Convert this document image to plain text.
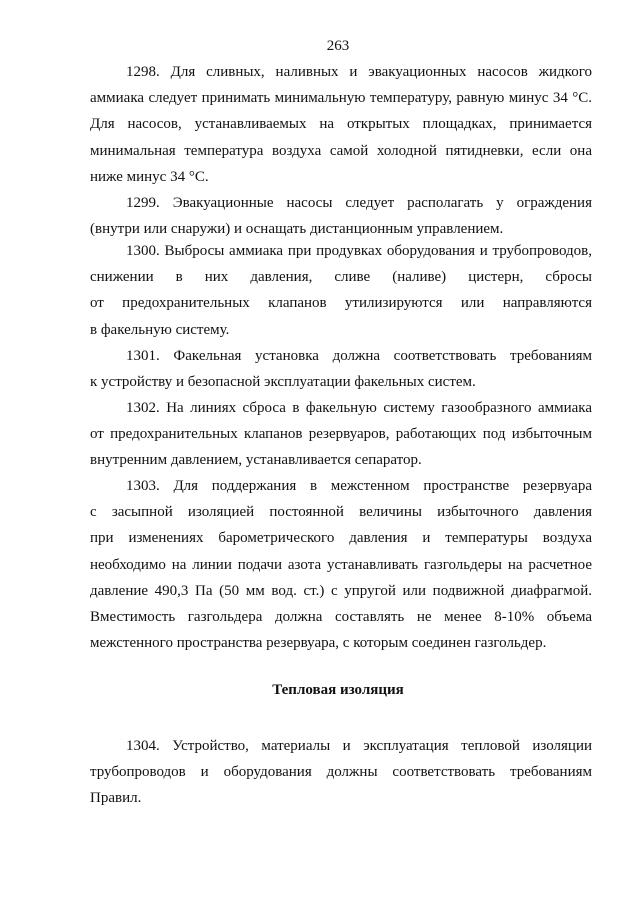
263
1298. Для сливных, наливных и эвакуационных насосов жидкого
аммиака следует принимать минимальную температуру, равную минус 34 °С.
Для насосов, устанавливаемых на открытых площадках, принимается
минимальная температура воздуха самой холодной пятидневки, если она
ниже минус 34 °С.
1299. Эвакуационные насосы следует располагать у ограждения
(внутри или снаружи) и оснащать дистанционным управлением.
1300. Выбросы аммиака при продувках оборудования и трубопроводов,
снижении в них давления, сливе (наливе) цистерн, сбросы
от предохранительных клапанов утилизируются или направляются
в факельную систему.
1301. Факельная установка должна соответствовать требованиям
к устройству и безопасной эксплуатации факельных систем.
1302. На линиях сброса в факельную систему газообразного аммиака
от предохранительных клапанов резервуаров, работающих под избыточным
внутренним давлением, устанавливается сепаратор.
1303. Для поддержания в межстенном пространстве резервуара
с засыпной изоляцией постоянной величины избыточного давления
при изменениях барометрического давления и температуры воздуха
необходимо на линии подачи азота устанавливать газгольдеры на расчетное
давление 490,3 Па (50 мм вод. ст.) с упругой или подвижной диафрагмой.
Вместимость газгольдера должна составлять не менее 8-10% объема
межстенного пространства резервуара, с которым соединен газгольдер.
Тепловая изоляция
1304. Устройство, материалы и эксплуатация тепловой изоляции
трубопроводов и оборудования должны соответствовать требованиям
Правил.
